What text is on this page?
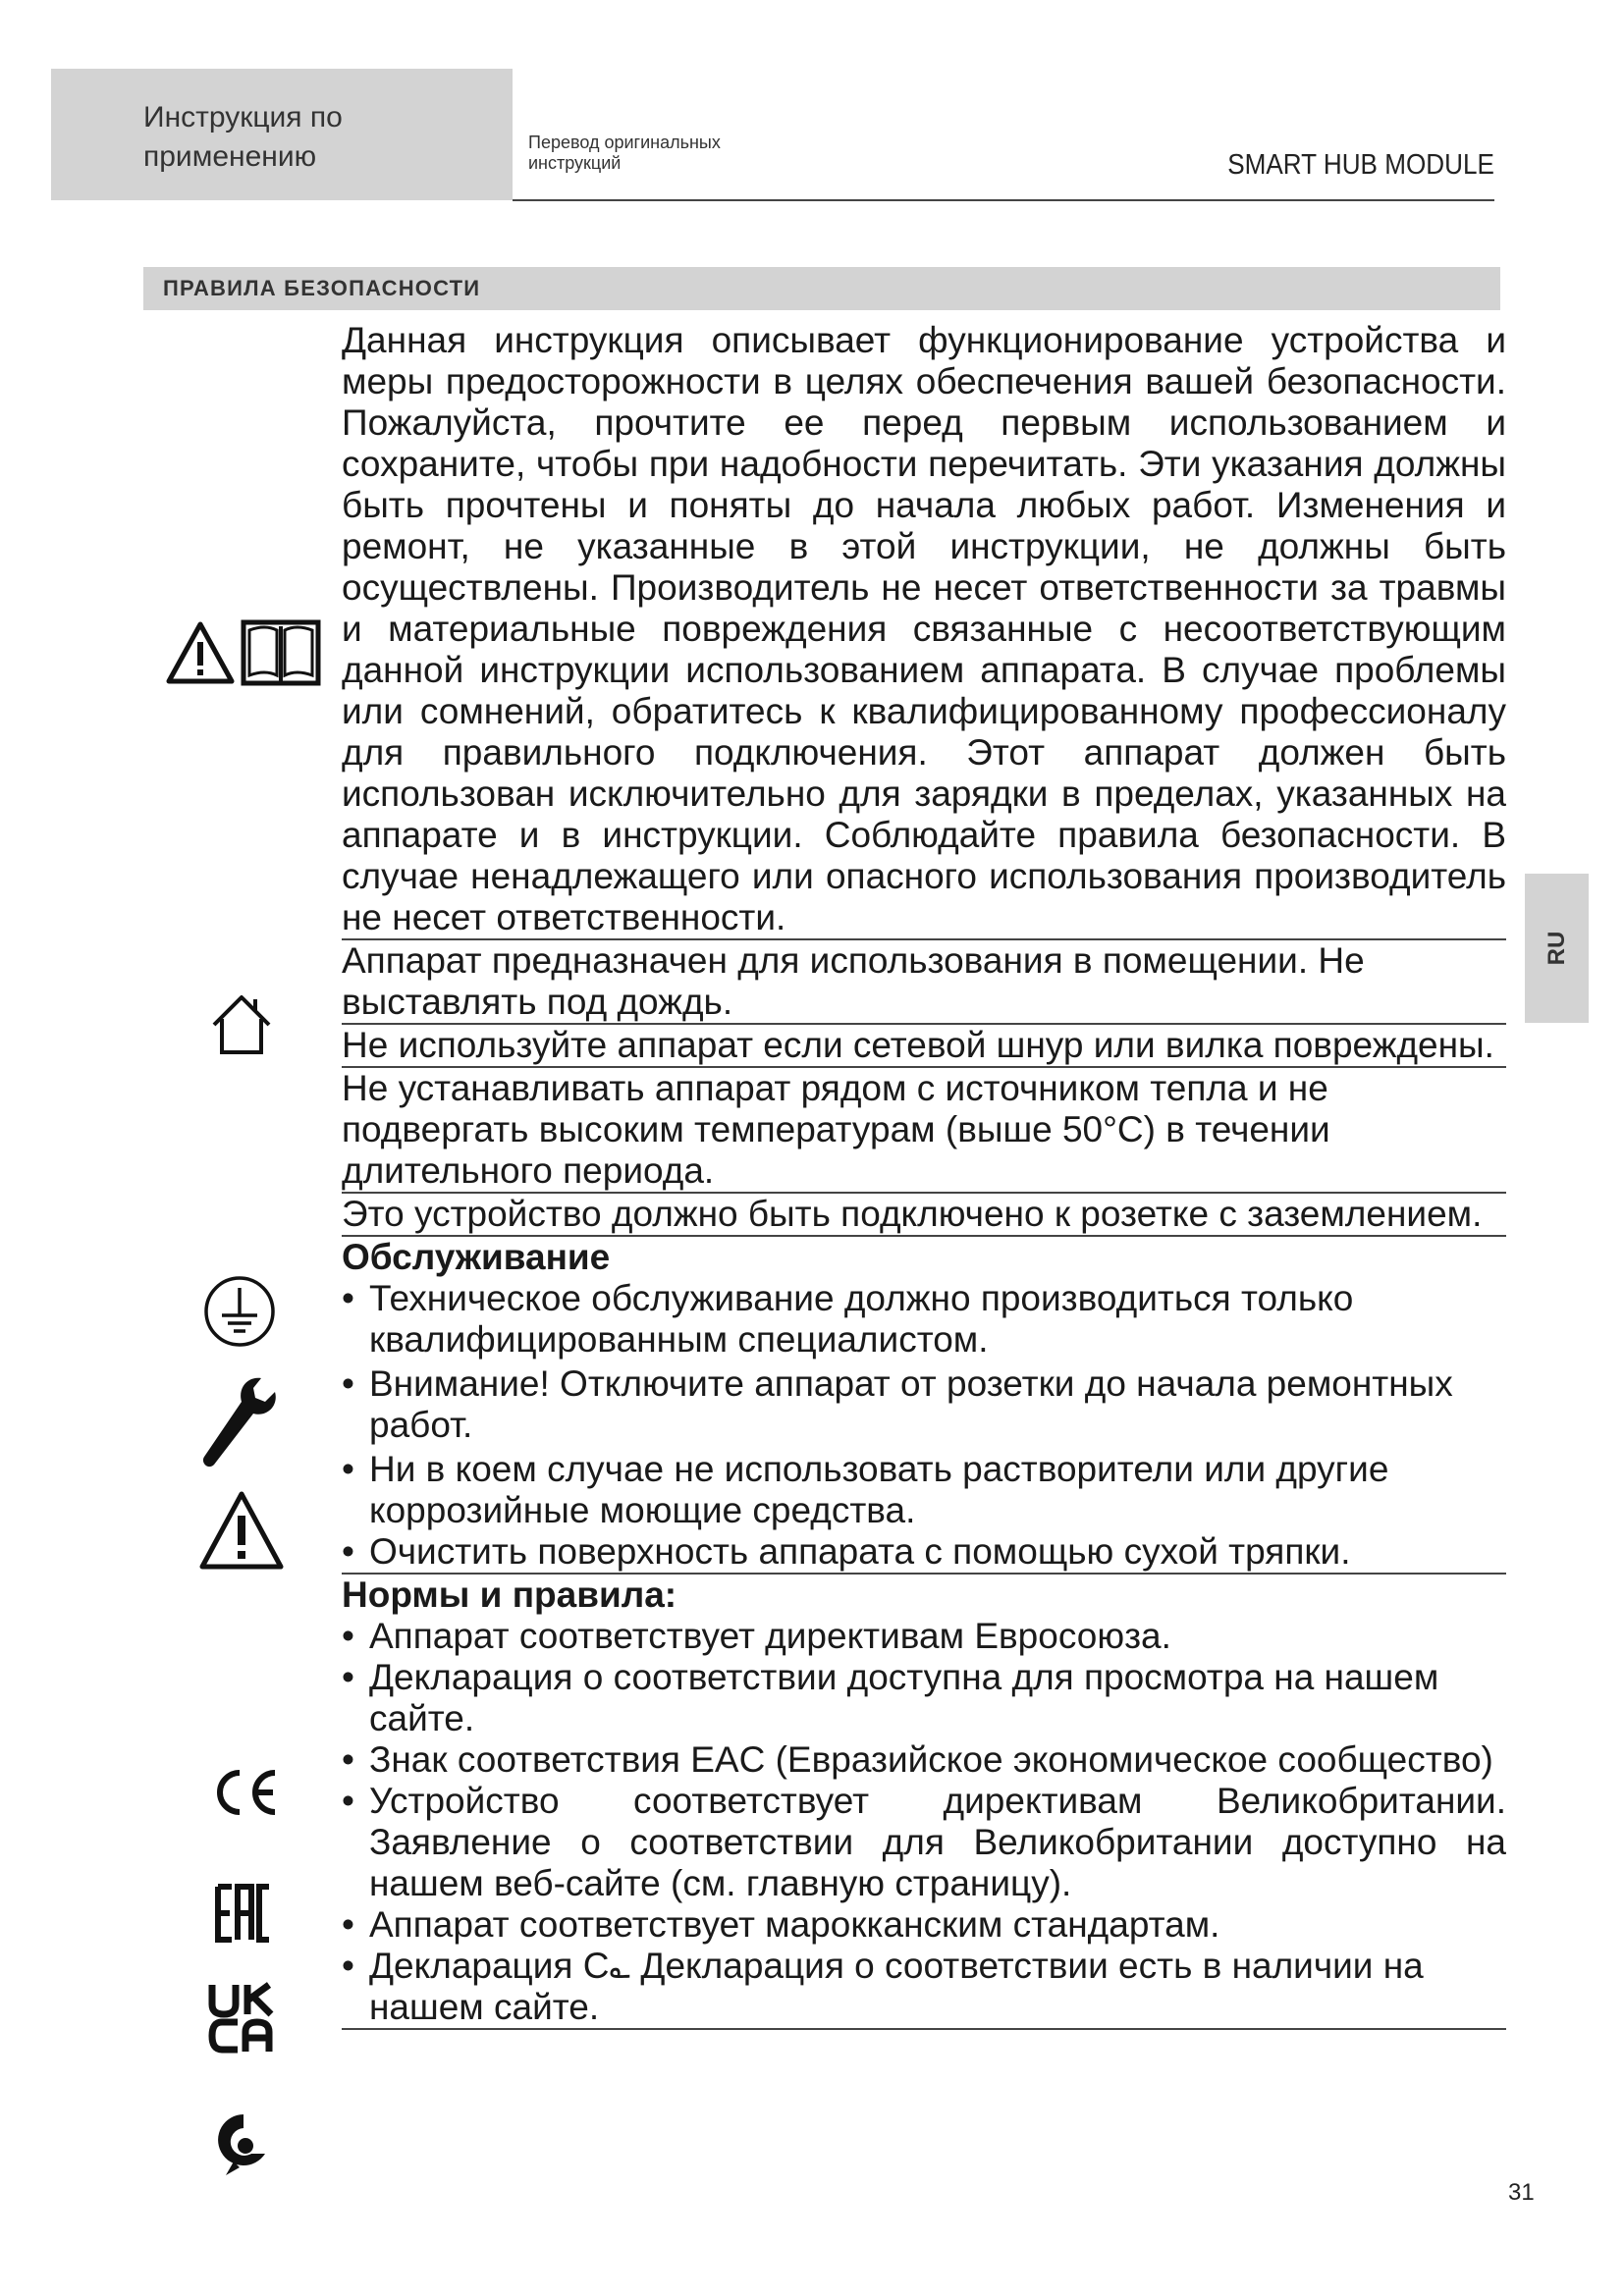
Инструкция по применению	Перевод оригинальных инструкций	SMART HUB MODULE
ПРАВИЛА БЕЗОПАСНОСТИ
RU

Данная инструкция описывает функционирование устройства и меры предосторожности в целях обеспечения вашей безопасности. Пожалуйста, прочтите ее перед первым использованием и сохраните, чтобы при надобности перечитать. Эти указания должны быть прочтены и поняты до начала любых работ. Изменения и ремонт, не указанные в этой инструкции, не должны быть осуществлены. Производитель не несет ответственности за травмы и материальные повреждения связанные с несоответствующим данной инструкции использованием аппарата. В случае проблемы или сомнений, обратитесь к квалифицированному профессионалу для правильного подключения. Этот аппарат должен быть использован исключительно для зарядки в пределах, указанных на аппарате и в инструкции. Соблюдайте правила безопасности. В случае ненадлежащего или опасного использования производитель не несет ответственности.

Аппарат предназначен для использования в помещении. Не выставлять под дождь.

Не используйте аппарат если сетевой шнур или вилка повреждены.

Не устанавливать аппарат рядом с источником тепла и не подвергать высоким температурам (выше 50°C) в течении длительного периода.

Это устройство должно быть подключено к розетке с заземлением.

Обслуживание

• Техническое обслуживание должно производиться только квалифицированным специалистом.
• Внимание! Отключите аппарат от розетки до начала ремонтных работ.
• Ни в коем случае не использовать растворители или другие коррозийные моющие средства.
• Очистить поверхность аппарата с помощью сухой тряпки.

Нормы и правила:

• Аппарат соответствует директивам Евросоюза.
• Декларация о соответствии доступна для просмотра на нашем сайте.
• Знак соответствия EAC (Евразийское экономическое сообщество)
• Устройство соответствует директивам Великобритании. Заявление о соответствии для Великобритании доступно на нашем веб-сайте (см. главную страницу).
• Аппарат соответствует марокканским стандартам.
• Декларация C؎ Декларация о соответствии есть в наличии на нашем сайте.
31
